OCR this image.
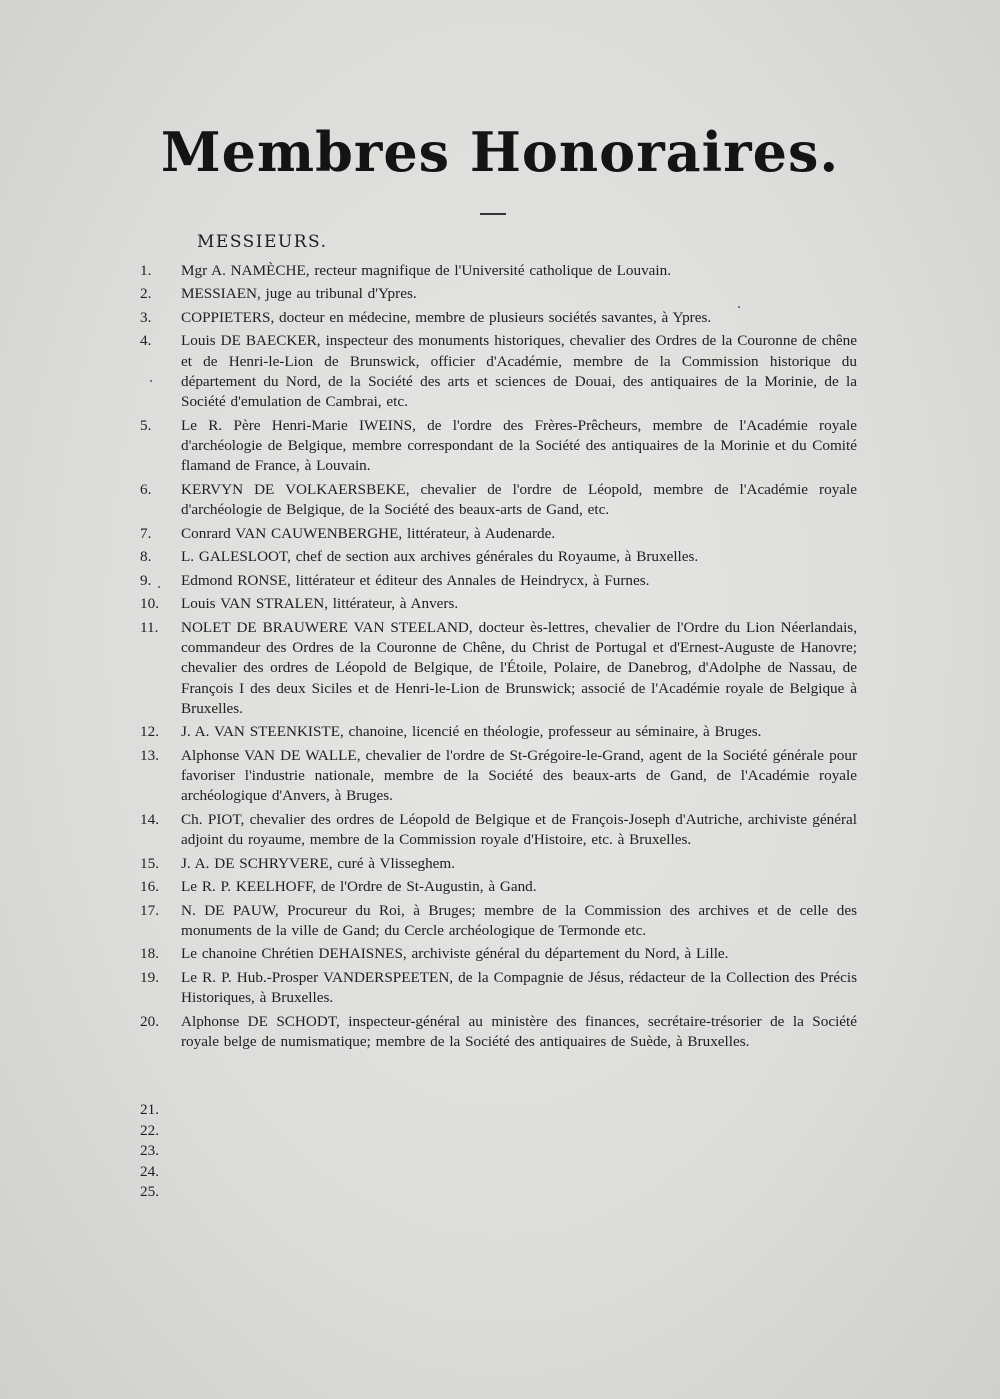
Membres Honoraires.
MESSIEURS.
1.	Mgr A. NAMÈCHE, recteur magnifique de l'Université catholique de Louvain.
2.	MESSIAEN, juge au tribunal d'Ypres.
3.	COPPIETERS, docteur en médecine, membre de plusieurs sociétés savantes, à Ypres.
4.	Louis DE BAECKER, inspecteur des monuments historiques, chevalier des Ordres de la Couronne de chêne et de Henri-le-Lion de Brunswick, officier d'Académie, membre de la Commission historique du département du Nord, de la Société des arts et sciences de Douai, des antiquaires de la Morinie, de la Société d'emulation de Cambrai, etc.
5.	Le R. Père Henri-Marie IWEINS, de l'ordre des Frères-Prêcheurs, membre de l'Académie royale d'archéologie de Belgique, membre correspondant de la Société des antiquaires de la Morinie et du Comité flamand de France, à Louvain.
6.	KERVYN DE VOLKAERSBEKE, chevalier de l'ordre de Léopold, membre de l'Académie royale d'archéologie de Belgique, de la Société des beaux-arts de Gand, etc.
7.	Conrard VAN CAUWENBERGHE, littérateur, à Audenarde.
8.	L. GALESLOOT, chef de section aux archives générales du Royaume, à Bruxelles.
9.	Edmond RONSE, littérateur et éditeur des Annales de Heindrycx, à Furnes.
10.	Louis VAN STRALEN, littérateur, à Anvers.
11.	NOLET DE BRAUWERE VAN STEELAND, docteur ès-lettres, chevalier de l'Ordre du Lion Néerlandais, commandeur des Ordres de la Couronne de Chêne, du Christ de Portugal et d'Ernest-Auguste de Hanovre; chevalier des ordres de Léopold de Belgique, de l'Étoile, Polaire, de Danebrog, d'Adolphe de Nassau, de François I des deux Siciles et de Henri-le-Lion de Brunswick; associé de l'Académie royale de Belgique à Bruxelles.
12.	J. A. VAN STEENKISTE, chanoine, licencié en théologie, professeur au séminaire, à Bruges.
13.	Alphonse VAN DE WALLE, chevalier de l'ordre de St-Grégoire-le-Grand, agent de la Société générale pour favoriser l'industrie nationale, membre de la Société des beaux-arts de Gand, de l'Académie royale archéologique d'Anvers, à Bruges.
14.	Ch. PIOT, chevalier des ordres de Léopold de Belgique et de François-Joseph d'Autriche, archiviste général adjoint du royaume, membre de la Commission royale d'Histoire, etc. à Bruxelles.
15.	J. A. DE SCHRYVERE, curé à Vlisseghem.
16.	Le R. P. KEELHOFF, de l'Ordre de St-Augustin, à Gand.
17.	N. DE PAUW, Procureur du Roi, à Bruges; membre de la Commission des archives et de celle des monuments de la ville de Gand; du Cercle archéologique de Termonde etc.
18.	Le chanoine Chrétien DEHAISNES, archiviste général du département du Nord, à Lille.
19.	Le R. P. Hub.-Prosper VANDERSPEETEN, de la Compagnie de Jésus, rédacteur de la Collection des Précis Historiques, à Bruxelles.
20.	Alphonse DE SCHODT, inspecteur-général au ministère des finances, secrétaire-trésorier de la Société royale belge de numismatique; membre de la Société des antiquaires de Suède, à Bruxelles.
21.
22.
23.
24.
25.
